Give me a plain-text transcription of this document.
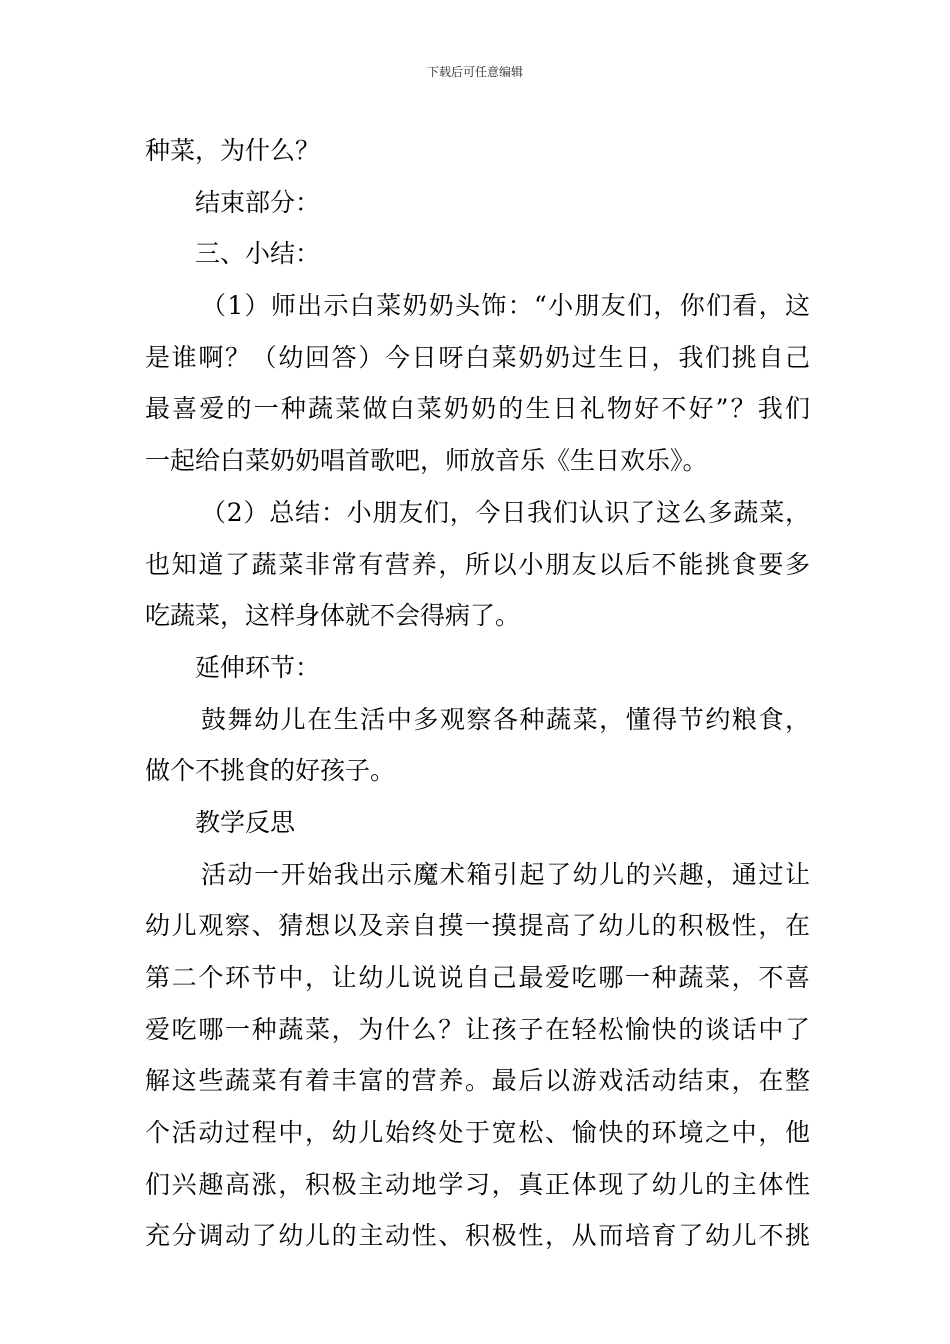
下载后可任意编辑
种菜，为什么？
结束部分：
三、小结：
（1）师出示白菜奶奶头饰：“小朋友们，你们看，这
是谁啊？（幼回答）今日呀白菜奶奶过生日，我们挑自己
最喜爱的一种蔬菜做白菜奶奶的生日礼物好不好”？我们
一起给白菜奶奶唱首歌吧，师放音乐《生日欢乐》。
（2）总结：小朋友们，今日我们认识了这么多蔬菜，
也知道了蔬菜非常有营养，所以小朋友以后不能挑食要多
吃蔬菜，这样身体就不会得病了。
延伸环节：
鼓舞幼儿在生活中多观察各种蔬菜，懂得节约粮食，
做个不挑食的好孩子。
教学反思
活动一开始我出示魔术箱引起了幼儿的兴趣，通过让
幼儿观察、猜想以及亲自摸一摸提高了幼儿的积极性，在
第二个环节中，让幼儿说说自己最爱吃哪一种蔬菜，不喜
爱吃哪一种蔬菜，为什么？让孩子在轻松愉快的谈话中了
解这些蔬菜有着丰富的营养。最后以游戏活动结束，在整
个活动过程中，幼儿始终处于宽松、愉快的环境之中，他
们兴趣高涨，积极主动地学习，真正体现了幼儿的主体性
充分调动了幼儿的主动性、积极性，从而培育了幼儿不挑
